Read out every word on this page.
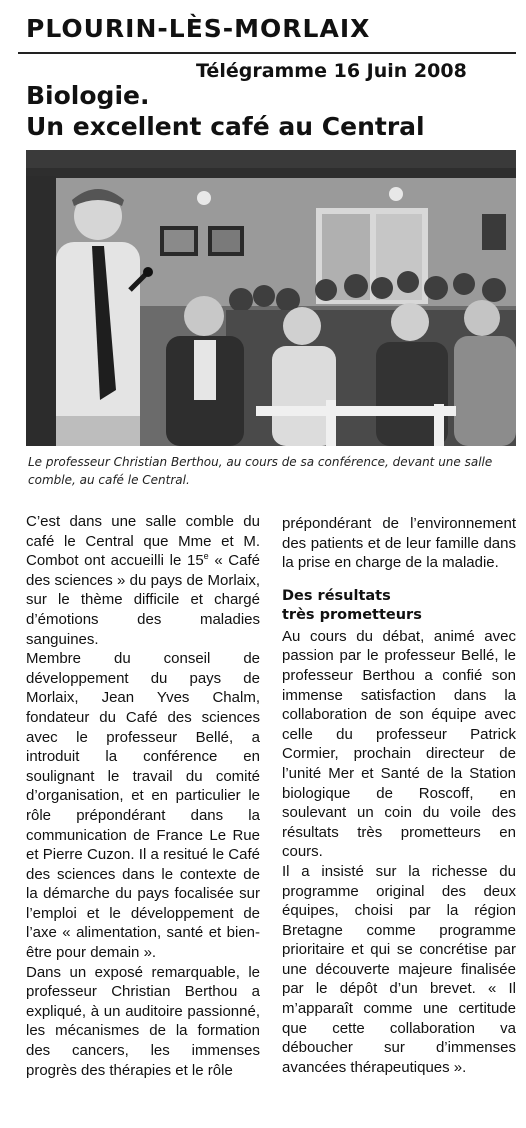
PLOURIN-LÈS-MORLAIX
Télégramme 16 Juin 2008
Biologie.
Un excellent café au Central
Le professeur Christian Berthou, au cours de sa conférence, devant une salle comble, au café le Central.

C’est dans une salle comble du café le Central que Mme et M. Combot ont accueilli le 15e « Café des sciences » du pays de Morlaix, sur le thème difficile et chargé d’émotions des maladies sanguines.

Membre du conseil de développement du pays de Morlaix, Jean Yves Chalm, fondateur du Café des sciences avec le professeur Bellé, a introduit la conférence en soulignant le travail du comité d’organisation, et en particulier le rôle prépondérant dans la communication de France Le Rue et Pierre Cuzon. Il a resitué le Café des sciences dans le contexte de la démarche du pays focalisée sur l’emploi et le développement de l’axe « alimentation, santé et bien-être pour demain ».

Dans un exposé remarquable, le professeur Christian Berthou a expliqué, à un auditoire passionné, les mécanismes de la formation des cancers, les immenses progrès des thérapies et le rôle

prépondérant de l’environnement des patients et de leur famille dans la prise en charge de la maladie.

Des résultats
très prometteurs

Au cours du débat, animé avec passion par le professeur Bellé, le professeur Berthou a confié son immense satisfaction dans la collaboration de son équipe avec celle du professeur Patrick Cormier, prochain directeur de l’unité Mer et Santé de la Station biologique de Roscoff, en soulevant un coin du voile des résultats très prometteurs en cours.

Il a insisté sur la richesse du programme original des deux équipes, choisi par la région Bretagne comme programme prioritaire et qui se concrétise par une découverte majeure finalisée par le dépôt d’un brevet. « Il m’apparaît comme une certitude que cette collaboration va déboucher sur d’immenses avancées thérapeutiques ».
